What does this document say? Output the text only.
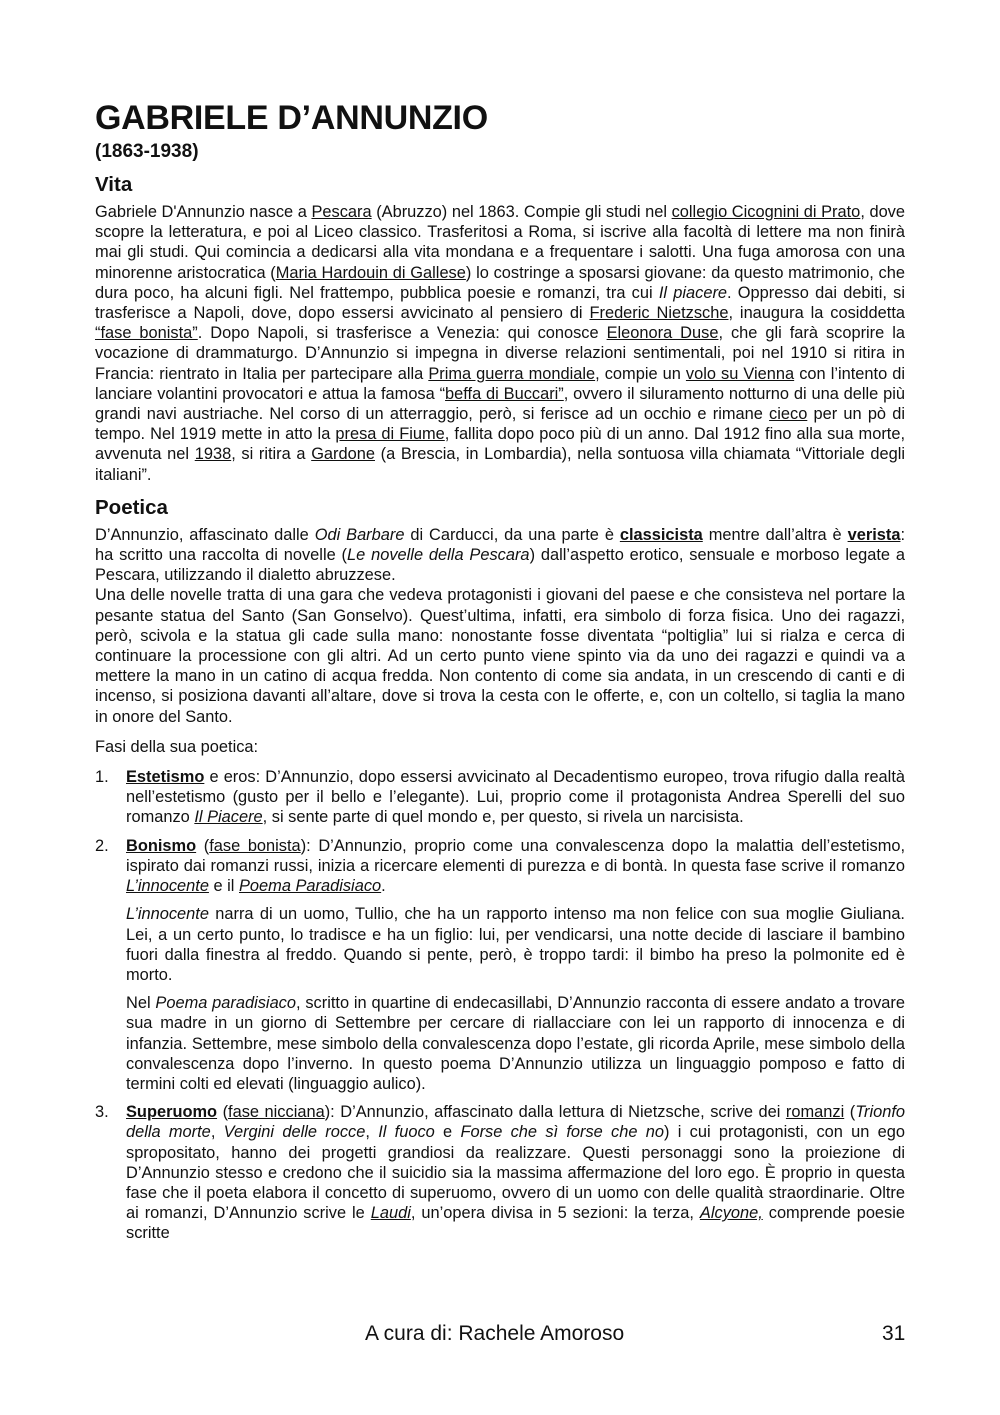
GABRIELE D’ANNUNZIO
(1863-1938)
Vita

Gabriele D'Annunzio nasce a Pescara (Abruzzo) nel 1863. Compie gli studi nel collegio Cicognini di Prato, dove scopre la letteratura, e poi al Liceo classico. Trasferitosi a Roma, si iscrive alla facoltà di lettere ma non finirà mai gli studi. Qui comincia a dedicarsi alla vita mondana e a frequentare i salotti. Una fuga amorosa con una minorenne aristocratica (Maria Hardouin di Gallese) lo costringe a sposarsi giovane: da questo matrimonio, che dura poco, ha alcuni figli. Nel frattempo, pubblica poesie e romanzi, tra cui Il piacere. Oppresso dai debiti, si trasferisce a Napoli, dove, dopo essersi avvicinato al pensiero di Frederic Nietzsche, inaugura la cosiddetta “fase bonista”. Dopo Napoli, si trasferisce a Venezia: qui conosce Eleonora Duse, che gli farà scoprire la vocazione di drammaturgo. D’Annunzio si impegna in diverse relazioni sentimentali, poi nel 1910 si ritira in Francia: rientrato in Italia per partecipare alla Prima guerra mondiale, compie un volo su Vienna con l’intento di lanciare volantini provocatori e attua la famosa “beffa di Buccari”, ovvero il siluramento notturno di una delle più grandi navi austriache. Nel corso di un atterraggio, però, si ferisce ad un occhio e rimane cieco per un pò di tempo. Nel 1919 mette in atto la presa di Fiume, fallita dopo poco più di un anno. Dal 1912 fino alla sua morte, avvenuta nel 1938, si ritira a Gardone (a Brescia, in Lombardia), nella sontuosa villa chiamata “Vittoriale degli italiani”.

Poetica

D’Annunzio, affascinato dalle Odi Barbare di Carducci, da una parte è classicista mentre dall’altra è verista: ha scritto una raccolta di novelle (Le novelle della Pescara) dall’aspetto erotico, sensuale e morboso legate a Pescara, utilizzando il dialetto abruzzese.

Una delle novelle tratta di una gara che vedeva protagonisti i giovani del paese e che consisteva nel portare la pesante statua del Santo (San Gonselvo). Quest’ultima, infatti, era simbolo di forza fisica. Uno dei ragazzi, però, scivola e la statua gli cade sulla mano: nonostante fosse diventata “poltiglia” lui si rialza e cerca di continuare la processione con gli altri. Ad un certo punto viene spinto via da uno dei ragazzi e quindi va a mettere la mano in un catino di acqua fredda. Non contento di come sia andata, in un crescendo di canti e di incenso, si posiziona davanti all’altare, dove si trova la cesta con le offerte, e, con un coltello, si taglia la mano in onore del Santo.

Fasi della sua poetica:

1. Estetismo e eros: D’Annunzio, dopo essersi avvicinato al Decadentismo europeo, trova rifugio dalla realtà nell’estetismo (gusto per il bello e l’elegante). Lui, proprio come il protagonista Andrea Sperelli del suo romanzo Il Piacere, si sente parte di quel mondo e, per questo, si rivela un narcisista.

2. Bonismo (fase bonista): D’Annunzio, proprio come una convalescenza dopo la malattia dell’estetismo, ispirato dai romanzi russi, inizia a ricercare elementi di purezza e di bontà. In questa fase scrive il romanzo L’innocente e il Poema Paradisiaco.

L’innocente narra di un uomo, Tullio, che ha un rapporto intenso ma non felice con sua moglie Giuliana. Lei, a un certo punto, lo tradisce e ha un figlio: lui, per vendicarsi, una notte decide di lasciare il bambino fuori dalla finestra al freddo. Quando si pente, però, è troppo tardi: il bimbo ha preso la polmonite ed è morto.

Nel Poema paradisiaco, scritto in quartine di endecasillabi, D’Annunzio racconta di essere andato a trovare sua madre in un giorno di Settembre per cercare di riallacciare con lei un rapporto di innocenza e di infanzia. Settembre, mese simbolo della convalescenza dopo l’estate, gli ricorda Aprile, mese simbolo della convalescenza dopo l’inverno. In questo poema D’Annunzio utilizza un linguaggio pomposo e fatto di termini colti ed elevati (linguaggio aulico).

3. Superuomo (fase nicciana): D’Annunzio, affascinato dalla lettura di Nietzsche, scrive dei romanzi (Trionfo della morte, Vergini delle rocce, Il fuoco e Forse che sì forse che no) i cui protagonisti, con un ego spropositato, hanno dei progetti grandiosi da realizzare. Questi personaggi sono la proiezione di D’Annunzio stesso e credono che il suicidio sia la massima affermazione del loro ego. È proprio in questa fase che il poeta elabora il concetto di superuomo, ovvero di un uomo con delle qualità straordinarie. Oltre ai romanzi, D’Annunzio scrive le Laudi, un’opera divisa in 5 sezioni: la terza, Alcyone, comprende poesie scritte

A cura di: Rachele Amoroso	31
